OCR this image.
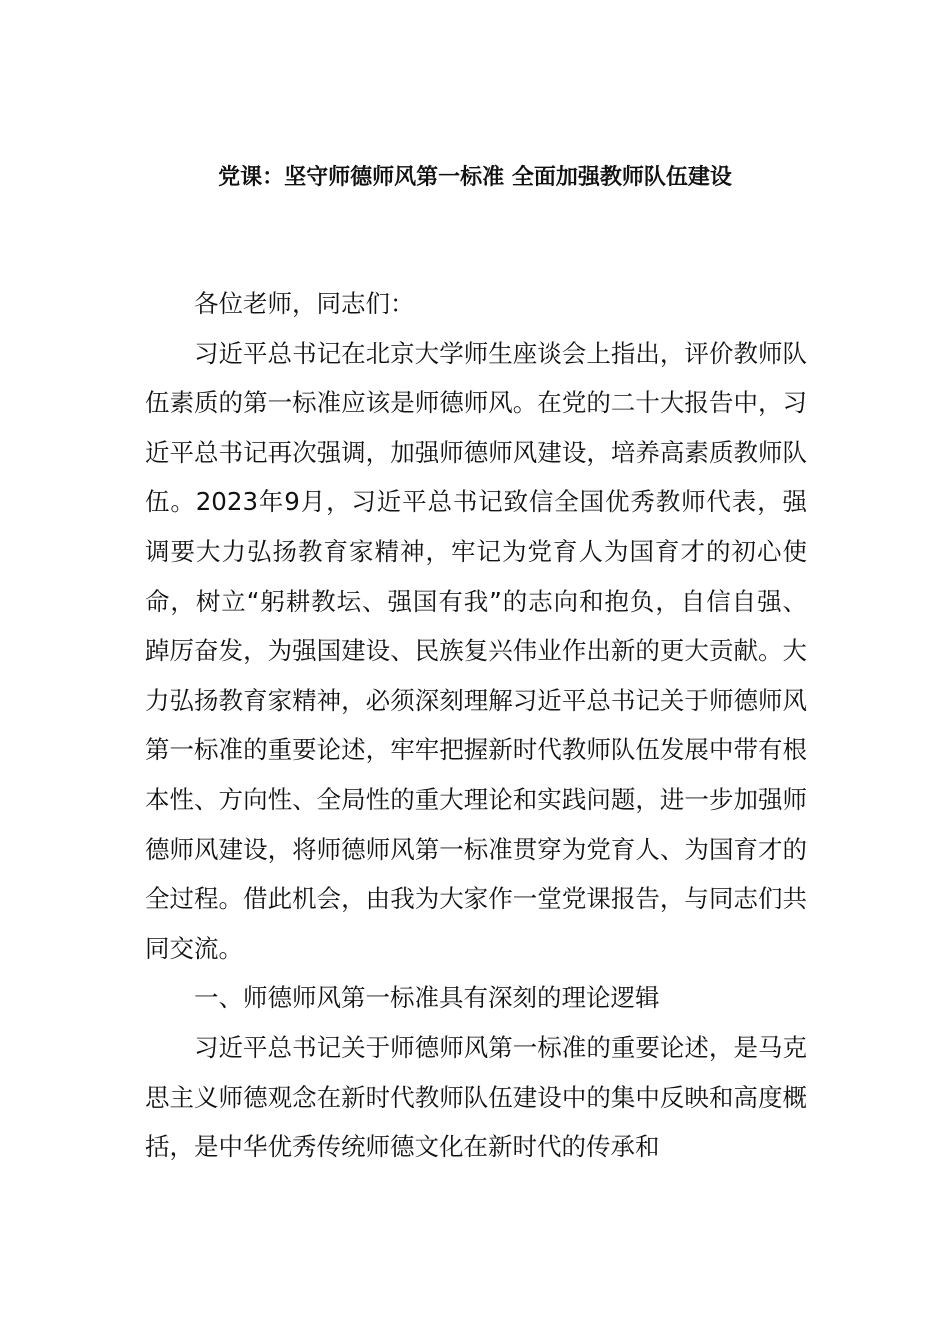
党课：坚守师德师风第一标准 全面加强教师队伍建设

各位老师，同志们：

习近平总书记在北京大学师生座谈会上指出，评价教师队伍素质的第一标准应该是师德师风。在党的二十大报告中，习近平总书记再次强调，加强师德师风建设，培养高素质教师队伍。2023年9月，习近平总书记致信全国优秀教师代表，强调要大力弘扬教育家精神，牢记为党育人为国育才的初心使命，树立“躬耕教坛、强国有我”的志向和抱负，自信自强、踔厉奋发，为强国建设、民族复兴伟业作出新的更大贡献。大力弘扬教育家精神，必须深刻理解习近平总书记关于师德师风第一标准的重要论述，牢牢把握新时代教师队伍发展中带有根本性、方向性、全局性的重大理论和实践问题，进一步加强师德师风建设，将师德师风第一标准贯穿为党育人、为国育才的全过程。借此机会，由我为大家作一堂党课报告，与同志们共同交流。

一、师德师风第一标准具有深刻的理论逻辑

习近平总书记关于师德师风第一标准的重要论述，是马克思主义师德观念在新时代教师队伍建设中的集中反映和高度概括，是中华优秀传统师德文化在新时代的传承和
